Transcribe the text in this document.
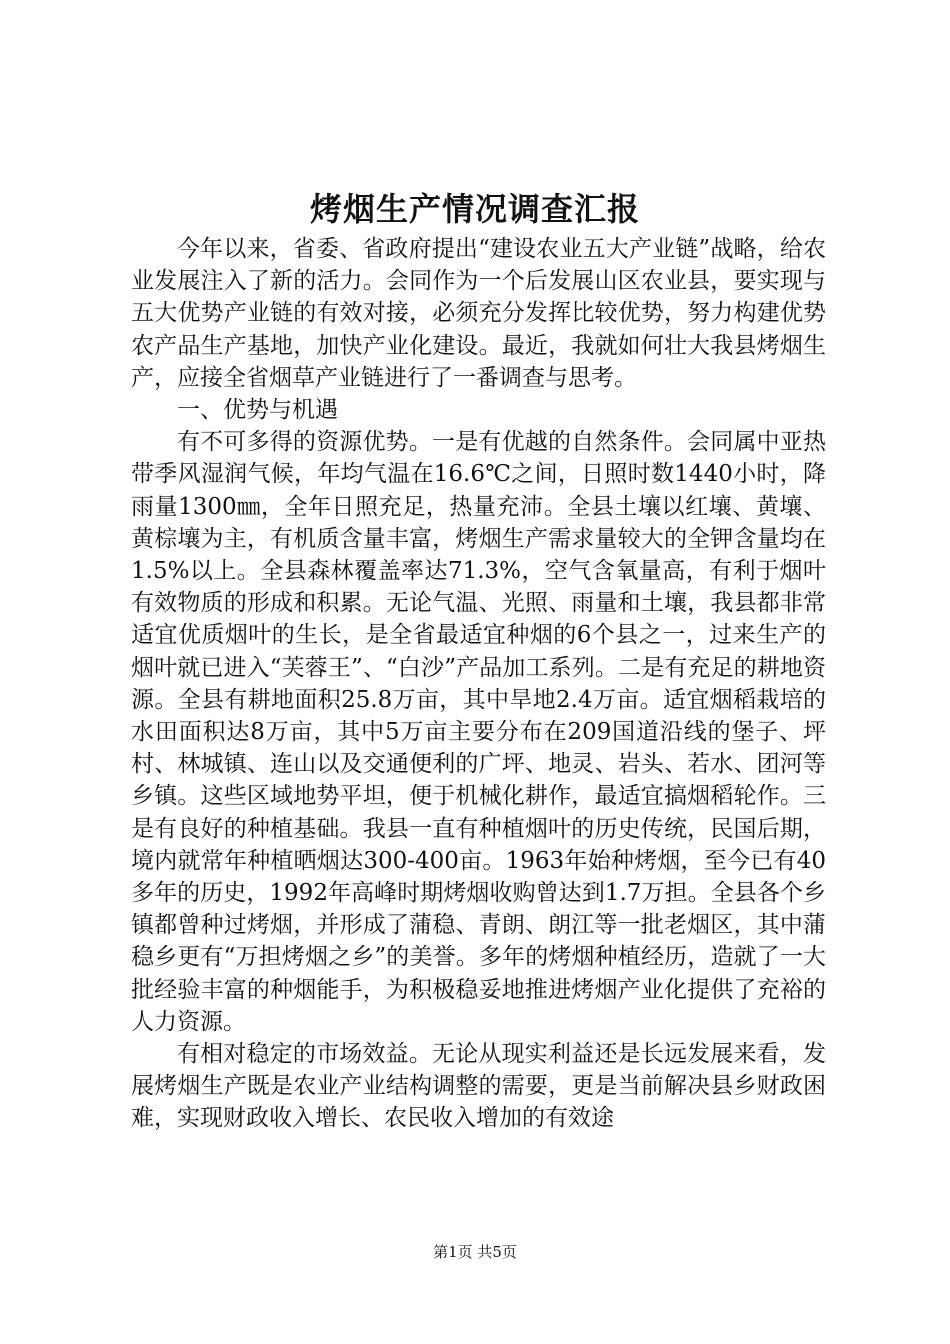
烤烟生产情况调查汇报

今年以来，省委、省政府提出“建设农业五大产业链”战略，给农业发展注入了新的活力。会同作为一个后发展山区农业县，要实现与五大优势产业链的有效对接，必须充分发挥比较优势，努力构建优势农产品生产基地，加快产业化建设。最近，我就如何壮大我县烤烟生产，应接全省烟草产业链进行了一番调查与思考。

一、优势与机遇

有不可多得的资源优势。一是有优越的自然条件。会同属中亚热带季风湿润气候，年均气温在16.6℃之间，日照时数1440小时，降雨量1300㎜，全年日照充足，热量充沛。全县土壤以红壤、黄壤、黄棕壤为主，有机质含量丰富，烤烟生产需求量较大的全钾含量均在1.5%以上。全县森林覆盖率达71.3%，空气含氧量高，有利于烟叶有效物质的形成和积累。无论气温、光照、雨量和土壤，我县都非常适宜优质烟叶的生长，是全省最适宜种烟的6个县之一，过来生产的烟叶就已进入“芙蓉王”、“白沙”产品加工系列。二是有充足的耕地资源。全县有耕地面积25.8万亩，其中旱地2.4万亩。适宜烟稻栽培的水田面积达8万亩，其中5万亩主要分布在209国道沿线的堡子、坪村、林城镇、连山以及交通便利的广坪、地灵、岩头、若水、团河等乡镇。这些区域地势平坦，便于机械化耕作，最适宜搞烟稻轮作。三是有良好的种植基础。我县一直有种植烟叶的历史传统，民国后期，境内就常年种植晒烟达300-400亩。1963年始种烤烟，至今已有40多年的历史，1992年高峰时期烤烟收购曾达到1.7万担。全县各个乡镇都曾种过烤烟，并形成了蒲稳、青朗、朗江等一批老烟区，其中蒲稳乡更有“万担烤烟之乡”的美誉。多年的烤烟种植经历，造就了一大批经验丰富的种烟能手，为积极稳妥地推进烤烟产业化提供了充裕的人力资源。

有相对稳定的市场效益。无论从现实利益还是长远发展来看，发展烤烟生产既是农业产业结构调整的需要，更是当前解决县乡财政困难，实现财政收入增长、农民收入增加的有效途

第1页 共5页
